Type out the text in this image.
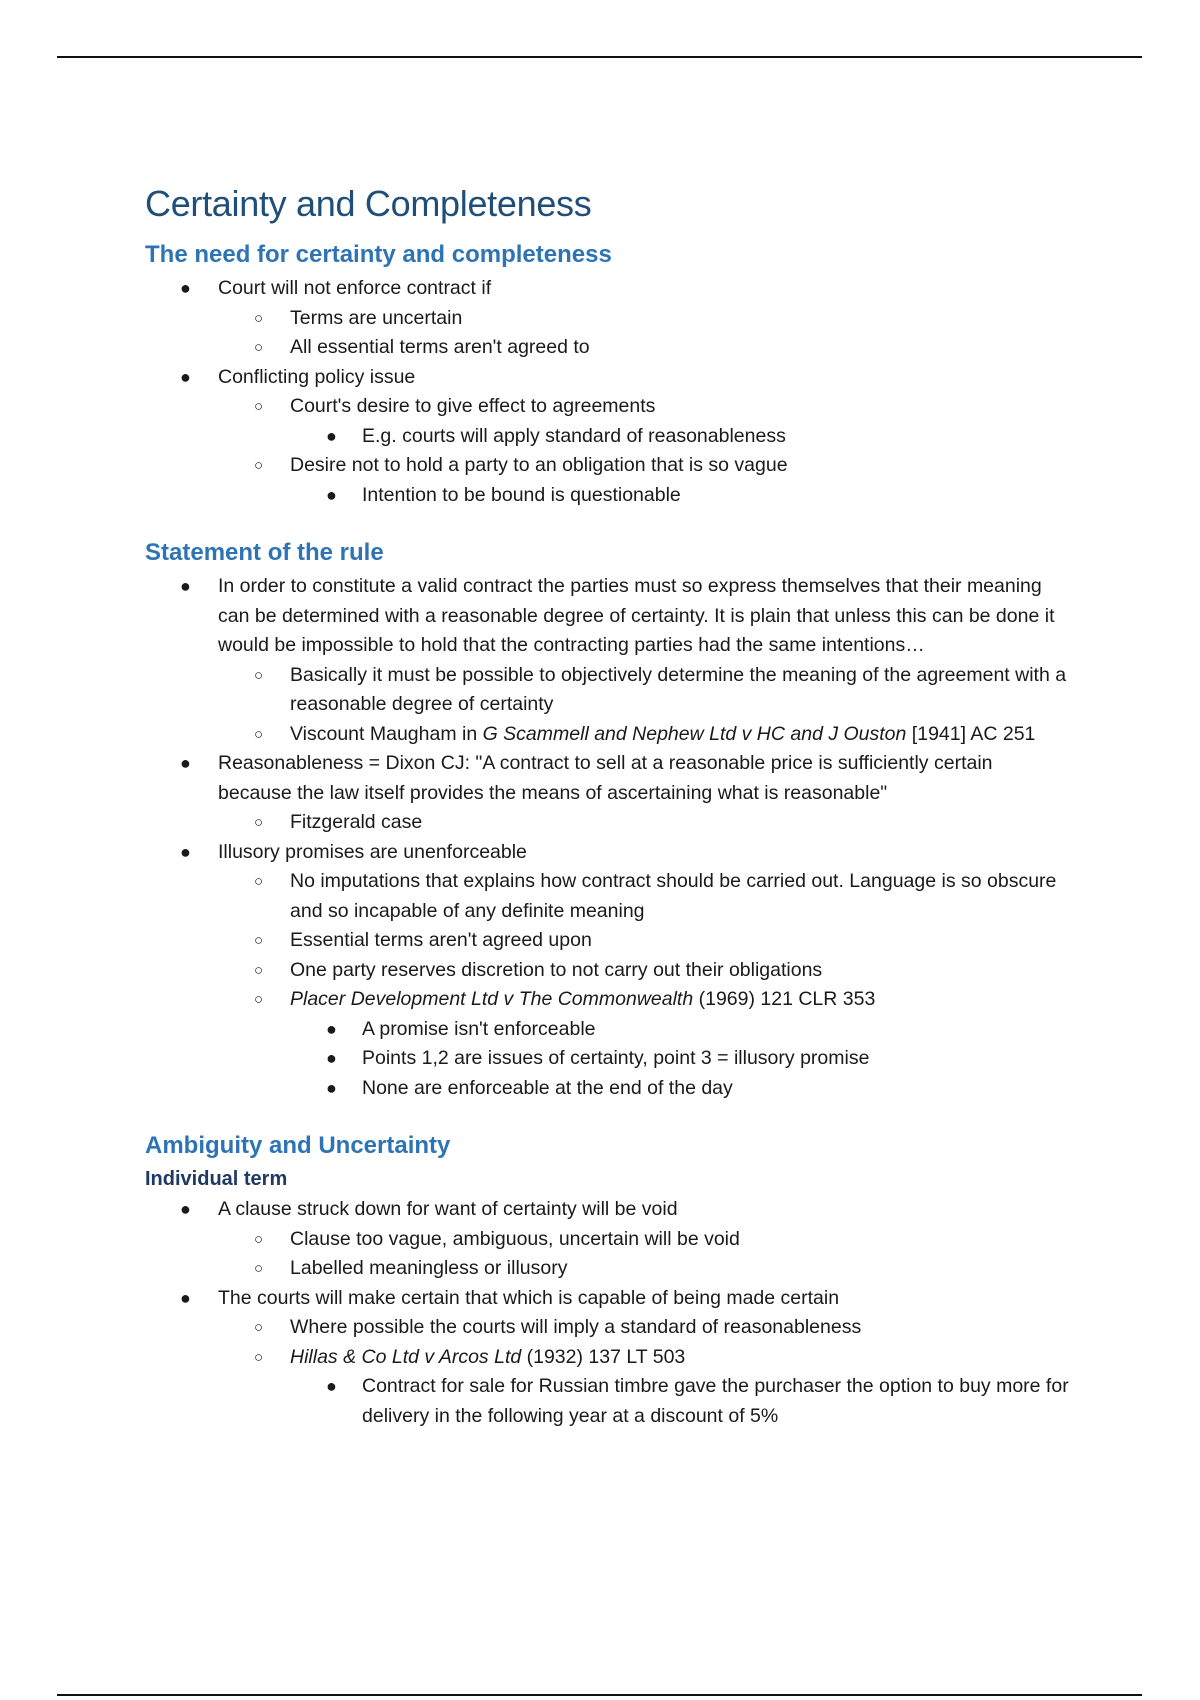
Certainty and Completeness
The need for certainty and completeness
● Court will not enforce contract if
○ Terms are uncertain
○ All essential terms aren't agreed to
● Conflicting policy issue
○ Court's desire to give effect to agreements
● E.g. courts will apply standard of reasonableness
○ Desire not to hold a party to an obligation that is so vague
● Intention to be bound is questionable
Statement of the rule
● In order to constitute a valid contract the parties must so express themselves that their meaning can be determined with a reasonable degree of certainty. It is plain that unless this can be done it would be impossible to hold that the contracting parties had the same intentions…
○ Basically it must be possible to objectively determine the meaning of the agreement with a reasonable degree of certainty
○ Viscount Maugham in G Scammell and Nephew Ltd v HC and J Ouston [1941] AC 251
● Reasonableness = Dixon CJ: "A contract to sell at a reasonable price is sufficiently certain because the law itself provides the means of ascertaining what is reasonable"
○ Fitzgerald case
● Illusory promises are unenforceable
○ No imputations that explains how contract should be carried out. Language is so obscure and so incapable of any definite meaning
○ Essential terms aren't agreed upon
○ One party reserves discretion to not carry out their obligations
○ Placer Development Ltd v The Commonwealth (1969) 121 CLR 353
● A promise isn't enforceable
● Points 1,2 are issues of certainty, point 3 = illusory promise
● None are enforceable at the end of the day
Ambiguity and Uncertainty
Individual term
● A clause struck down for want of certainty will be void
○ Clause too vague, ambiguous, uncertain will be void
○ Labelled meaningless or illusory
● The courts will make certain that which is capable of being made certain
○ Where possible the courts will imply a standard of reasonableness
○ Hillas & Co Ltd v Arcos Ltd (1932) 137 LT 503
● Contract for sale for Russian timbre gave the purchaser the option to buy more for delivery in the following year at a discount of 5%
